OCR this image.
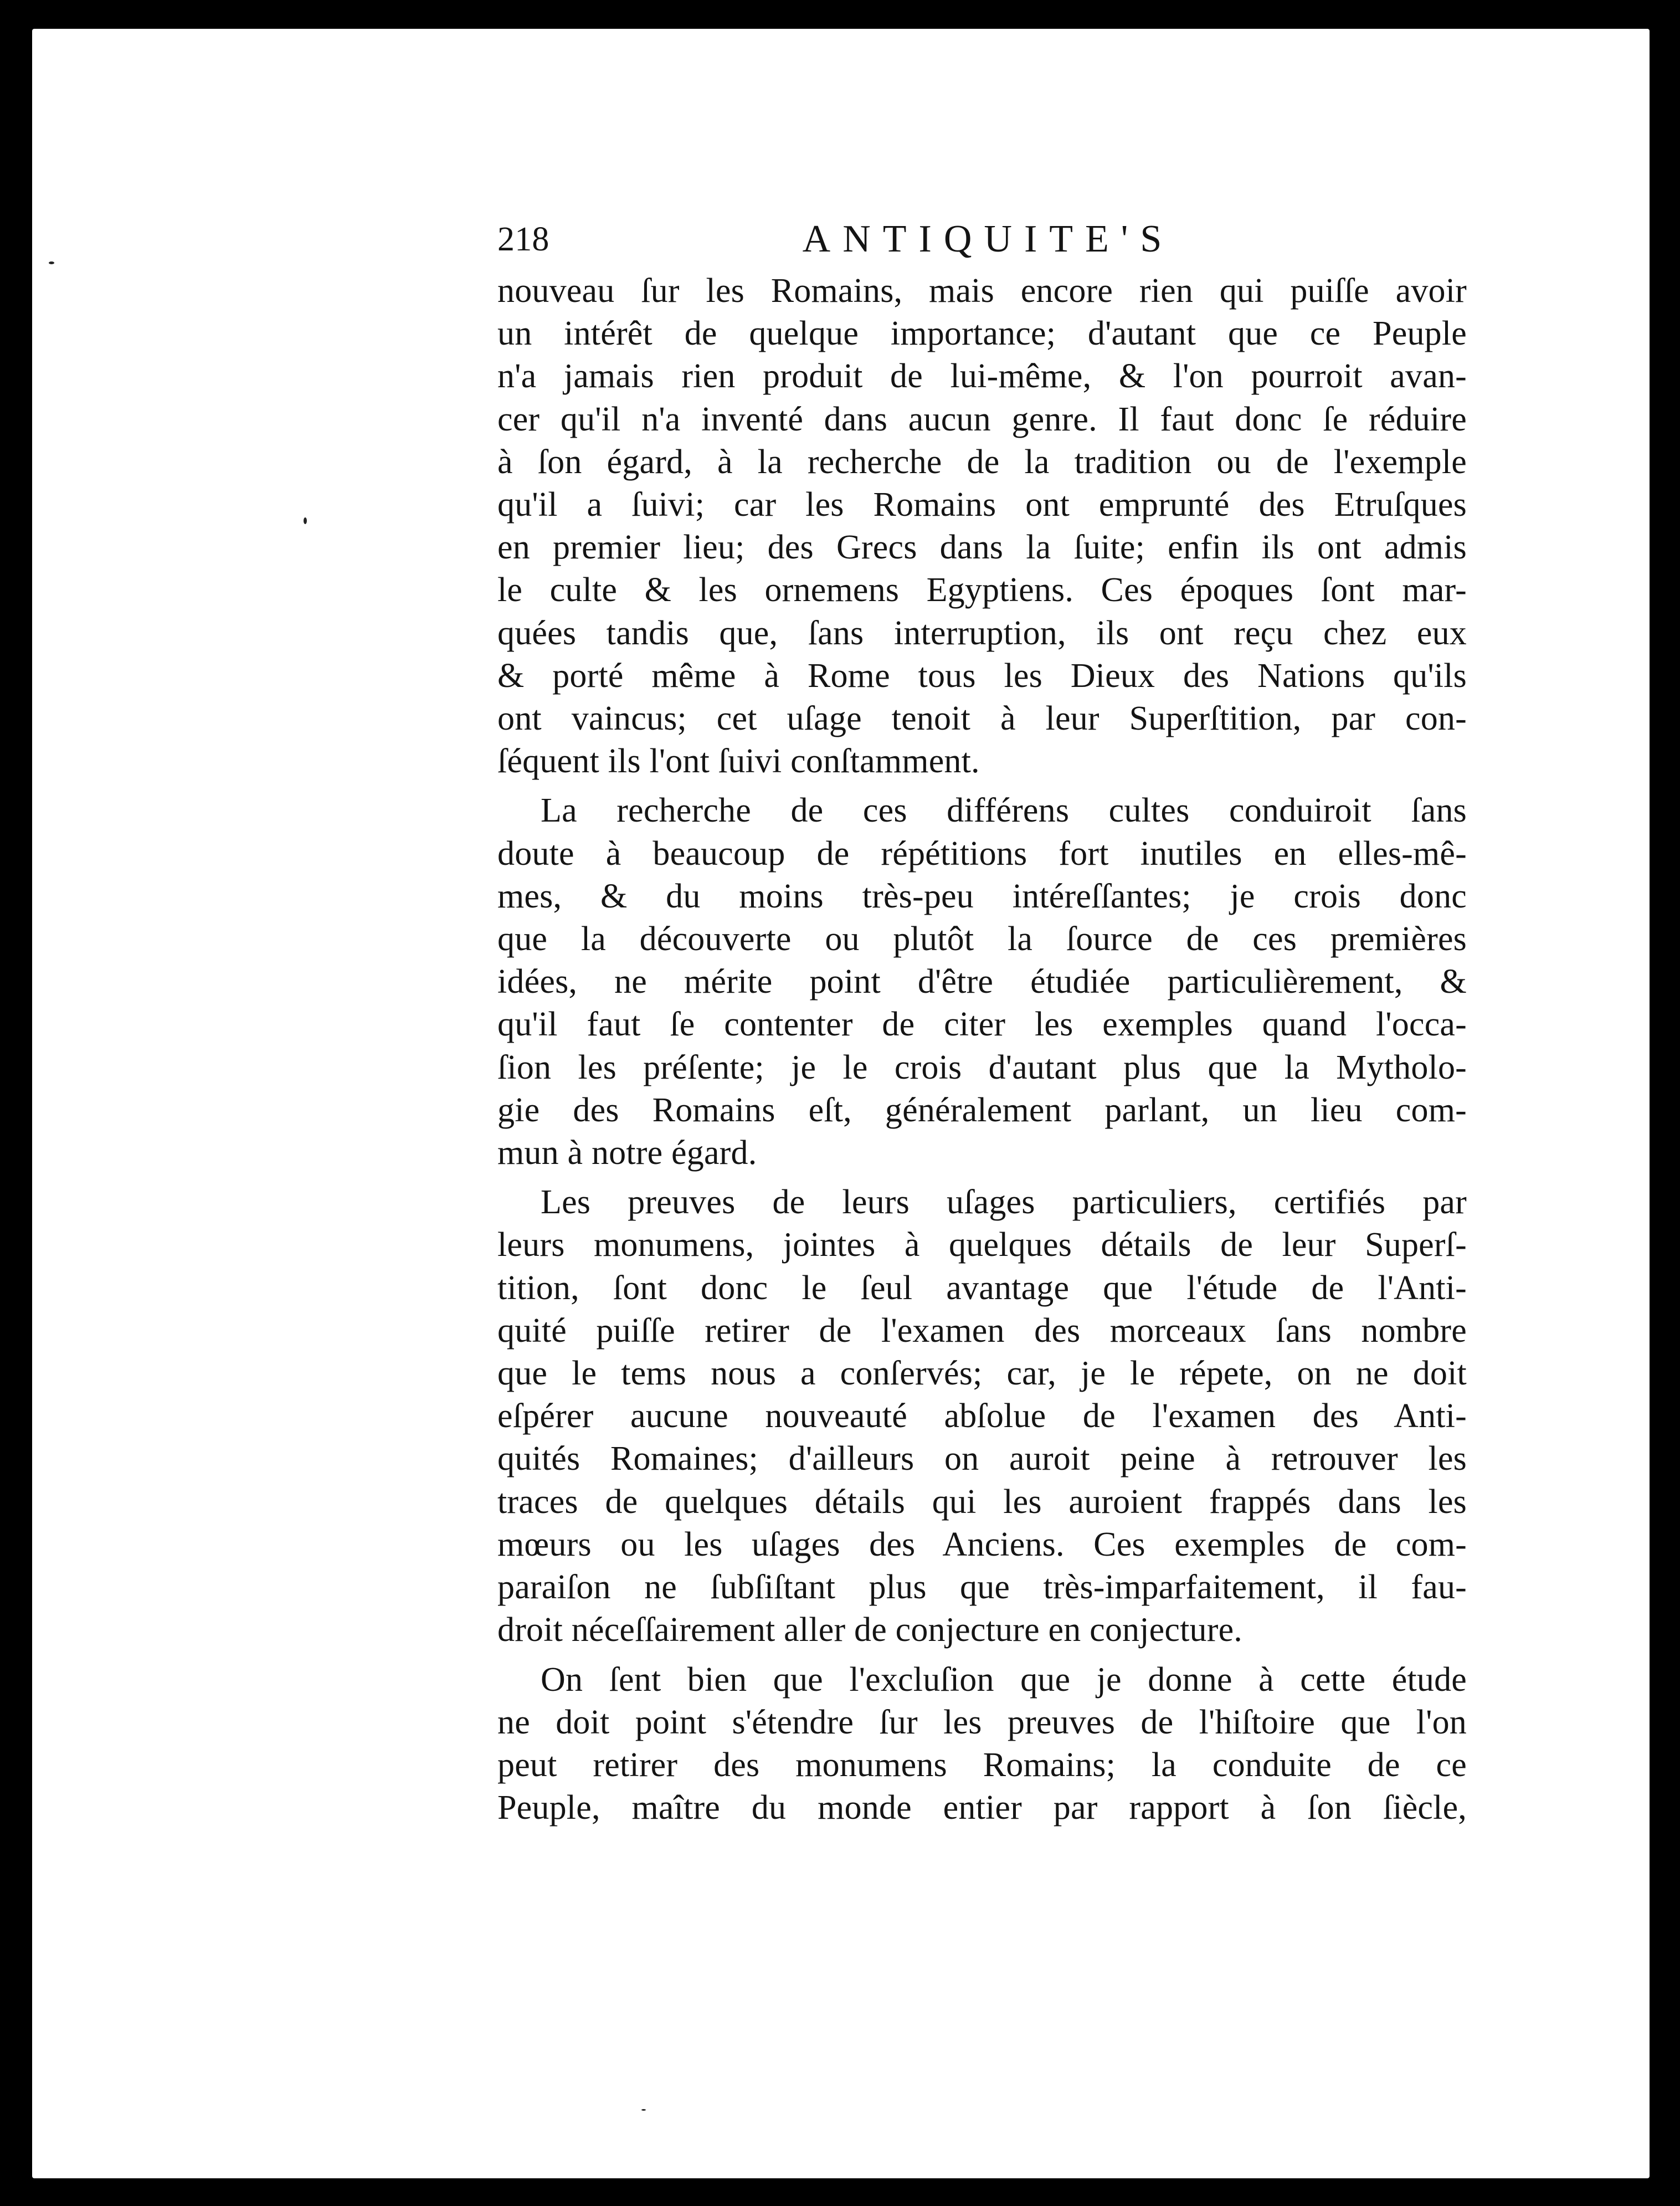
218	ANTIQUITE'S
nouveau ſur les Romains, mais encore rien qui puiſſe avoir
un intérêt de quelque importance; d'autant que ce Peuple
n'a jamais rien produit de lui-même, & l'on pourroit avan-
cer qu'il n'a inventé dans aucun genre. Il faut donc ſe réduire
à ſon égard, à la recherche de la tradition ou de l'exemple
qu'il a ſuivi; car les Romains ont emprunté des Etruſques
en premier lieu; des Grecs dans la ſuite; enfin ils ont admis
le culte & les ornemens Egyptiens. Ces époques ſont mar-
quées tandis que, ſans interruption, ils ont reçu chez eux
& porté même à Rome tous les Dieux des Nations qu'ils
ont vaincus; cet uſage tenoit à leur Superſtition, par con-
ſéquent ils l'ont ſuivi conſtamment.
La recherche de ces différens cultes conduiroit ſans
doute à beaucoup de répétitions fort inutiles en elles-mê-
mes, & du moins très-peu intéreſſantes; je crois donc
que la découverte ou plutôt la ſource de ces premières
idées, ne mérite point d'être étudiée particulièrement, &
qu'il faut ſe contenter de citer les exemples quand l'occa-
ſion les préſente; je le crois d'autant plus que la Mytholo-
gie des Romains eſt, généralement parlant, un lieu com-
mun à notre égard.
Les preuves de leurs uſages particuliers, certifiés par
leurs monumens, jointes à quelques détails de leur Superſ-
tition, ſont donc le ſeul avantage que l'étude de l'Anti-
quité puiſſe retirer de l'examen des morceaux ſans nombre
que le tems nous a conſervés; car, je le répete, on ne doit
eſpérer aucune nouveauté abſolue de l'examen des Anti-
quités Romaines; d'ailleurs on auroit peine à retrouver les
traces de quelques détails qui les auroient frappés dans les
mœurs ou les uſages des Anciens. Ces exemples de com-
paraiſon ne ſubſiſtant plus que très-imparfaitement, il fau-
droit néceſſairement aller de conjecture en conjecture.
On ſent bien que l'excluſion que je donne à cette étude
ne doit point s'étendre ſur les preuves de l'hiſtoire que l'on
peut retirer des monumens Romains; la conduite de ce
Peuple, maître du monde entier par rapport à ſon ſiècle,
